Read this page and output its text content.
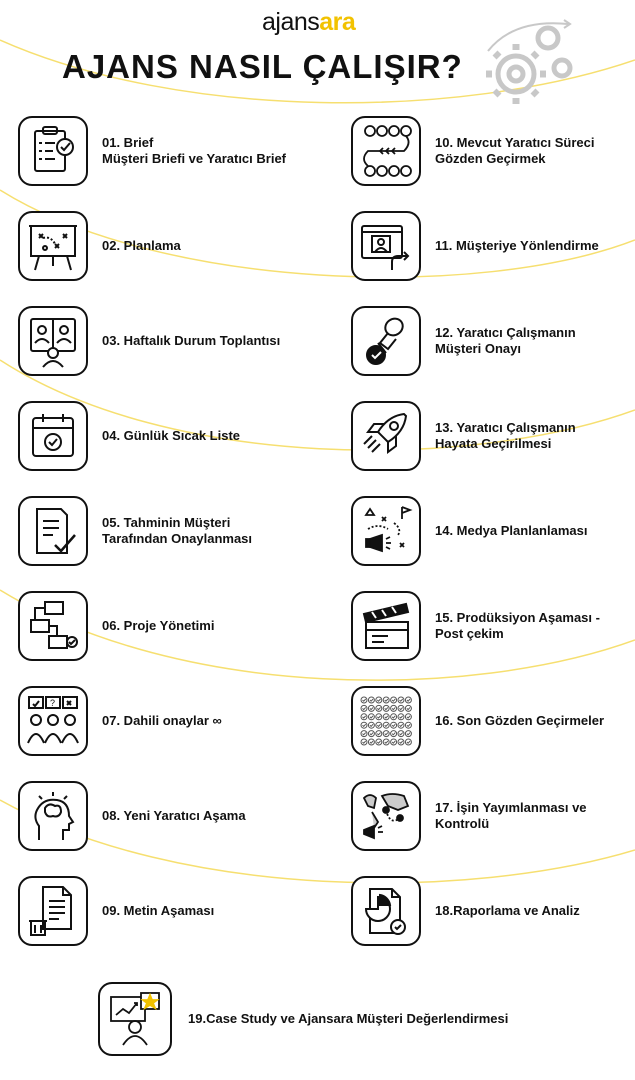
ajansara
AJANS NASIL ÇALIŞIR?
01. Brief
Müşteri Briefi ve Yaratıcı Brief
02. Planlama
03. Haftalık Durum Toplantısı
04. Günlük Sıcak Liste
05. Tahminin Müşteri
Tarafından Onaylanması
06. Proje Yönetimi
?
07. Dahili onaylar ∞
08. Yeni Yaratıcı Aşama
09. Metin Aşaması
10. Mevcut Yaratıcı Süreci
Gözden Geçirmek
11. Müşteriye Yönlendirme
12. Yaratıcı Çalışmanın
Müşteri Onayı
13. Yaratıcı Çalışmanın
Hayata Geçirilmesi
14. Medya Planlanlaması
15. Prodüksiyon Aşaması -
Post çekim
16. Son Gözden Geçirmeler
17. İşin Yayımlanması ve
Kontrolü
18.Raporlama ve Analiz
19.Case Study ve Ajansara Müşteri Değerlendirmesi
